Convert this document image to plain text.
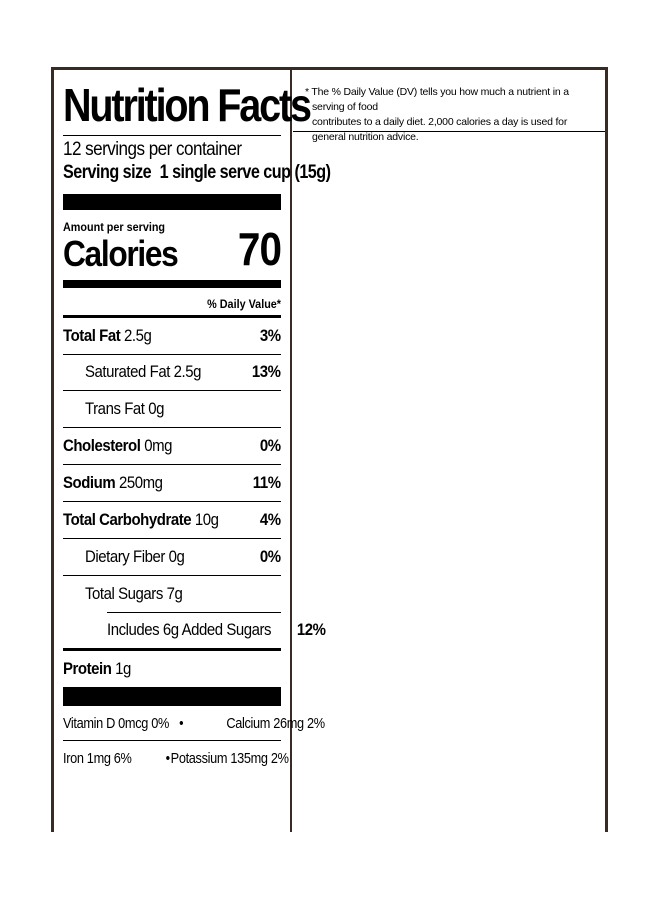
Nutrition Facts
12 servings per container
Serving size 1 single serve cup (15g)
Amount per serving
Calories 70
% Daily Value*
Total Fat 2.5g	3%
Saturated Fat 2.5g	13%
Trans Fat 0g
Cholesterol 0mg	0%
Sodium 250mg	11%
Total Carbohydrate 10g 4%
Dietary Fiber 0g	0%
Total Sugars 7g
Includes 6g Added Sugars 12%
Protein 1g
Vitamin D 0mcg 0% •	Calcium 26mg 2%
Iron 1mg 6% •Potassium 135mg 2%
* The % Daily Value (DV) tells you how much a nutrient in a serving of food
contributes to a daily diet. 2,000 calories a day is used for general nutrition advice.
